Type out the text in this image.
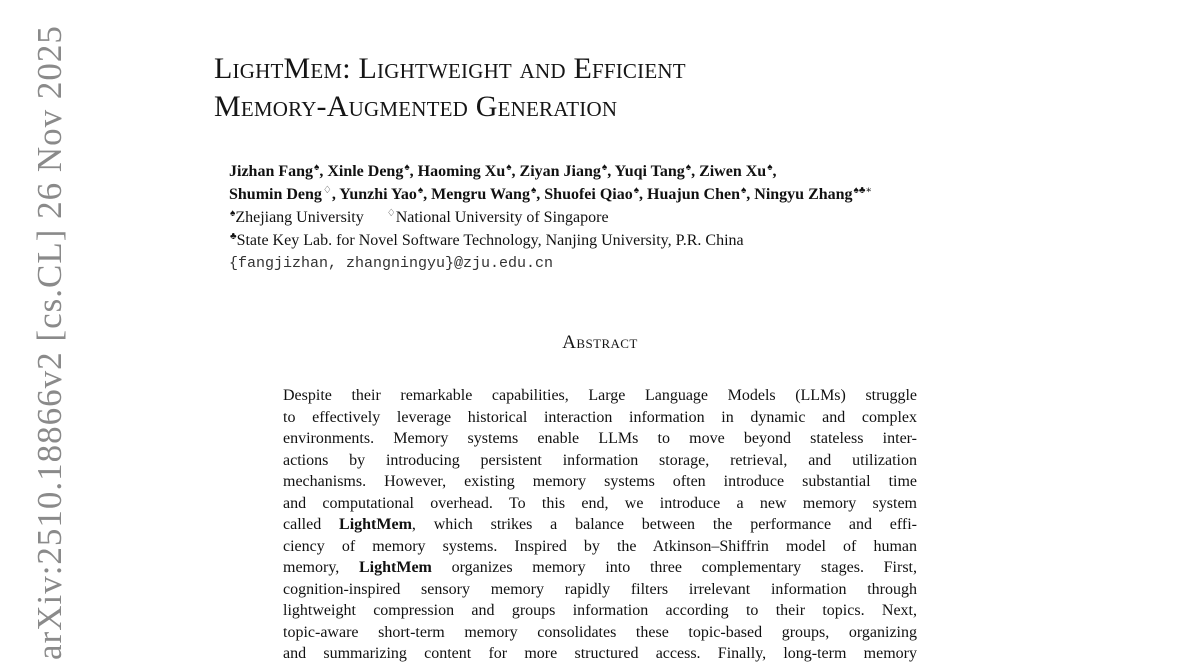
LightMem: Lightweight and Efficient
Memory-Augmented Generation
Jizhan Fang♠, Xinle Deng♠, Haoming Xu♠, Ziyan Jiang♠, Yuqi Tang♠, Ziwen Xu♠,
Shumin Deng♢, Yunzhi Yao♠, Mengru Wang♠, Shuofei Qiao♠, Huajun Chen♠, Ningyu Zhang♠♣∗
♠Zhejiang University ♢National University of Singapore
♣State Key Lab. for Novel Software Technology, Nanjing University, P.R. China
{fangjizhan, zhangningyu}@zju.edu.cn
Abstract
Despite their remarkable capabilities, Large Language Models (LLMs) struggle
to effectively leverage historical interaction information in dynamic and complex
environments. Memory systems enable LLMs to move beyond stateless inter-
actions by introducing persistent information storage, retrieval, and utilization
mechanisms. However, existing memory systems often introduce substantial time
and computational overhead. To this end, we introduce a new memory system
called LightMem, which strikes a balance between the performance and effi-
ciency of memory systems. Inspired by the Atkinson–Shiffrin model of human
memory, LightMem organizes memory into three complementary stages. First,
cognition-inspired sensory memory rapidly filters irrelevant information through
lightweight compression and groups information according to their topics. Next,
topic-aware short-term memory consolidates these topic-based groups, organizing
and summarizing content for more structured access. Finally, long-term memory
arXiv:2510.18866v2 [cs.CL] 26 Nov 2025
